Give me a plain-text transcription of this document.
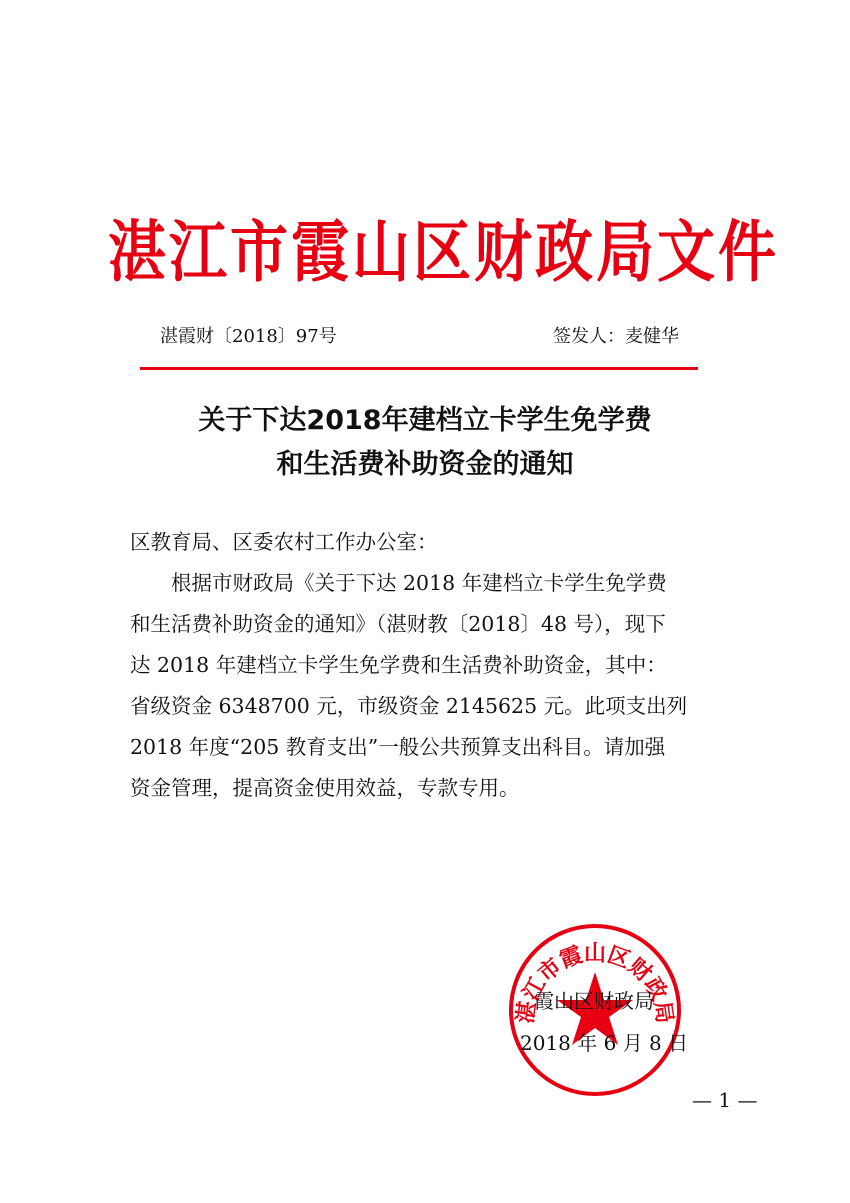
湛江市霞山区财政局文件
湛霞财〔2018〕97号	签发人：麦健华
关于下达2018年建档立卡学生免学费
和生活费补助资金的通知
区教育局、区委农村工作办公室：
　　根据市财政局《关于下达 2018 年建档立卡学生免学费
和生活费补助资金的通知》（湛财教〔2018〕48 号），现下
达 2018 年建档立卡学生免学费和生活费补助资金，其中：
省级资金 6348700 元，市级资金 2145625 元。此项支出列
2018 年度“205 教育支出”一般公共预算支出科目。请加强
资金管理，提高资金使用效益，专款专用。
湛江市霞山区财政局
霞山区财政局
2018 年 6 月 8 日
— 1 —
